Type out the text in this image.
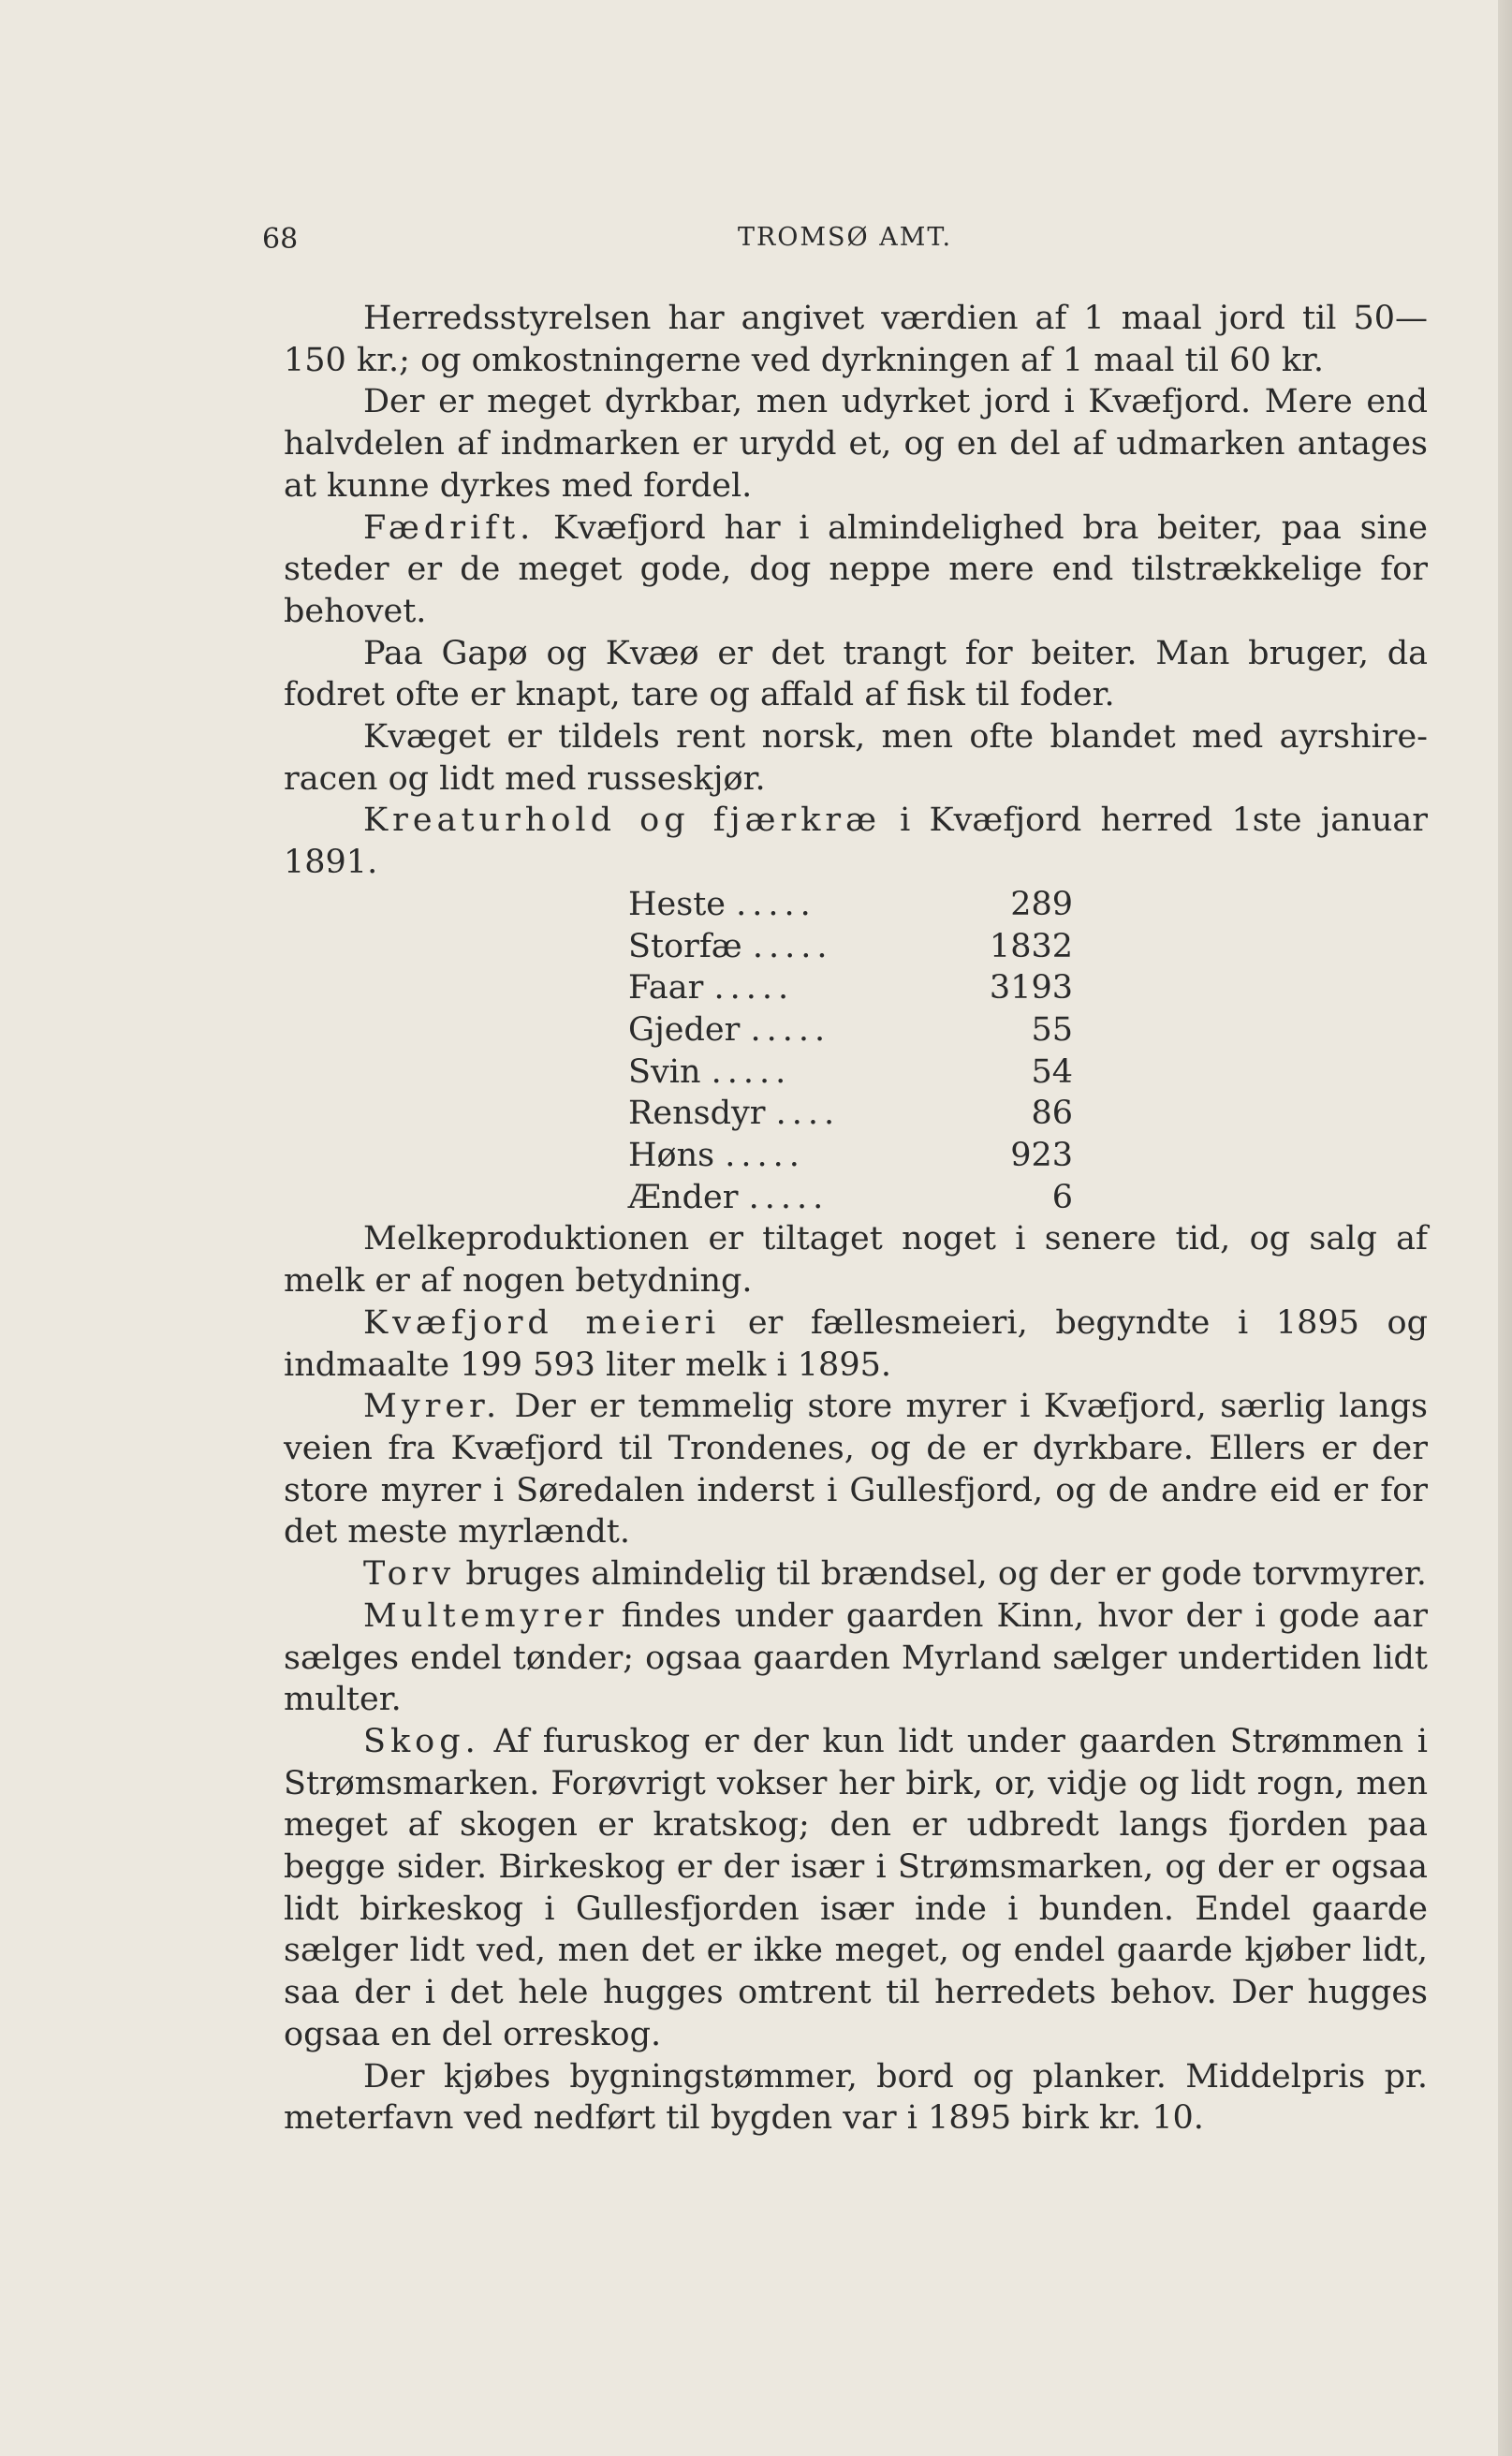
68	TROMSØ AMT.

Herredsstyrelsen har angivet værdien af 1 maal jord til 50—150 kr.; og omkostningerne ved dyrkningen af 1 maal til 60 kr.

Der er meget dyrkbar, men udyrket jord i Kvæfjord. Mere end halvdelen af indmarken er urydd et, og en del af udmarken antages at kunne dyrkes med fordel.

Fædrift. Kvæfjord har i almindelighed bra beiter, paa sine steder er de meget gode, dog neppe mere end tilstrækkelige for behovet.

Paa Gapø og Kvæø er det trangt for beiter. Man bruger, da fodret ofte er knapt, tare og affald af fisk til foder.

Kvæget er tildels rent norsk, men ofte blandet med ayrshire-racen og lidt med russeskjør.

Kreaturhold og fjærkræ i Kvæfjord herred 1ste januar 1891.

Heste .....	289
Storfæ .....	1832
Faar .....	3193
Gjeder .....	55
Svin .....	54
Rensdyr ....	86
Høns .....	923
Ænder .....	6

Melkeproduktionen er tiltaget noget i senere tid, og salg af melk er af nogen betydning.

Kvæfjord meieri er fællesmeieri, begyndte i 1895 og indmaalte 199 593 liter melk i 1895.

Myrer. Der er temmelig store myrer i Kvæfjord, særlig langs veien fra Kvæfjord til Trondenes, og de er dyrkbare. Ellers er der store myrer i Søredalen inderst i Gullesfjord, og de andre eid er for det meste myrlændt.

Torv bruges almindelig til brændsel, og der er gode torvmyrer.

Multemyrer findes under gaarden Kinn, hvor der i gode aar sælges endel tønder; ogsaa gaarden Myrland sælger undertiden lidt multer.

Skog. Af furuskog er der kun lidt under gaarden Strømmen i Strømsmarken. Forøvrigt vokser her birk, or, vidje og lidt rogn, men meget af skogen er kratskog; den er udbredt langs fjorden paa begge sider. Birkeskog er der især i Strømsmarken, og der er ogsaa lidt birkeskog i Gullesfjorden især inde i bunden. Endel gaarde sælger lidt ved, men det er ikke meget, og endel gaarde kjøber lidt, saa der i det hele hugges omtrent til herredets behov. Der hugges ogsaa en del orreskog.

Der kjøbes bygningstømmer, bord og planker. Middelpris pr. meterfavn ved nedført til bygden var i 1895 birk kr. 10.
